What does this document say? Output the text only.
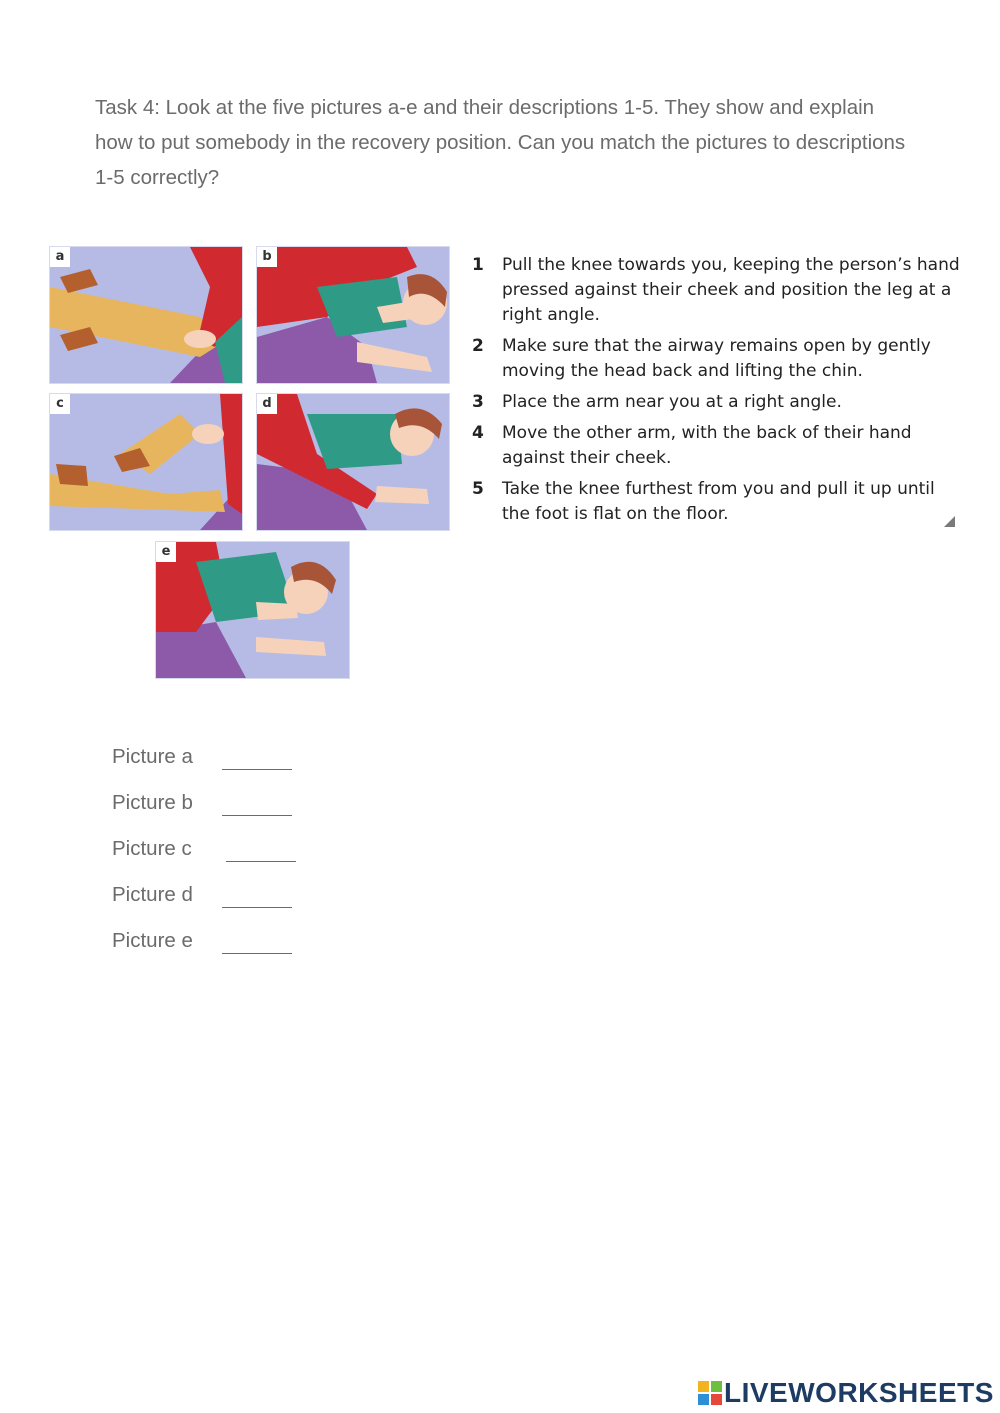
Task 4: Look at the five pictures a-e and their descriptions 1-5. They show and explain how to put somebody in the recovery position. Can you match the pictures to descriptions 1-5 correctly?
a	b
c	d
e
1	Pull the knee towards you, keeping the person’s hand pressed against their cheek and position the leg at a right angle.
2	Make sure that the airway remains open by gently moving the head back and lifting the chin.
3	Place the arm near you at a right angle.
4	Move the other arm, with the back of their hand against their cheek.
5	Take the knee furthest from you and pull it up until the foot is flat on the floor.
Picture a
Picture b
Picture c
Picture d
Picture e
LIVEWORKSHEETS
